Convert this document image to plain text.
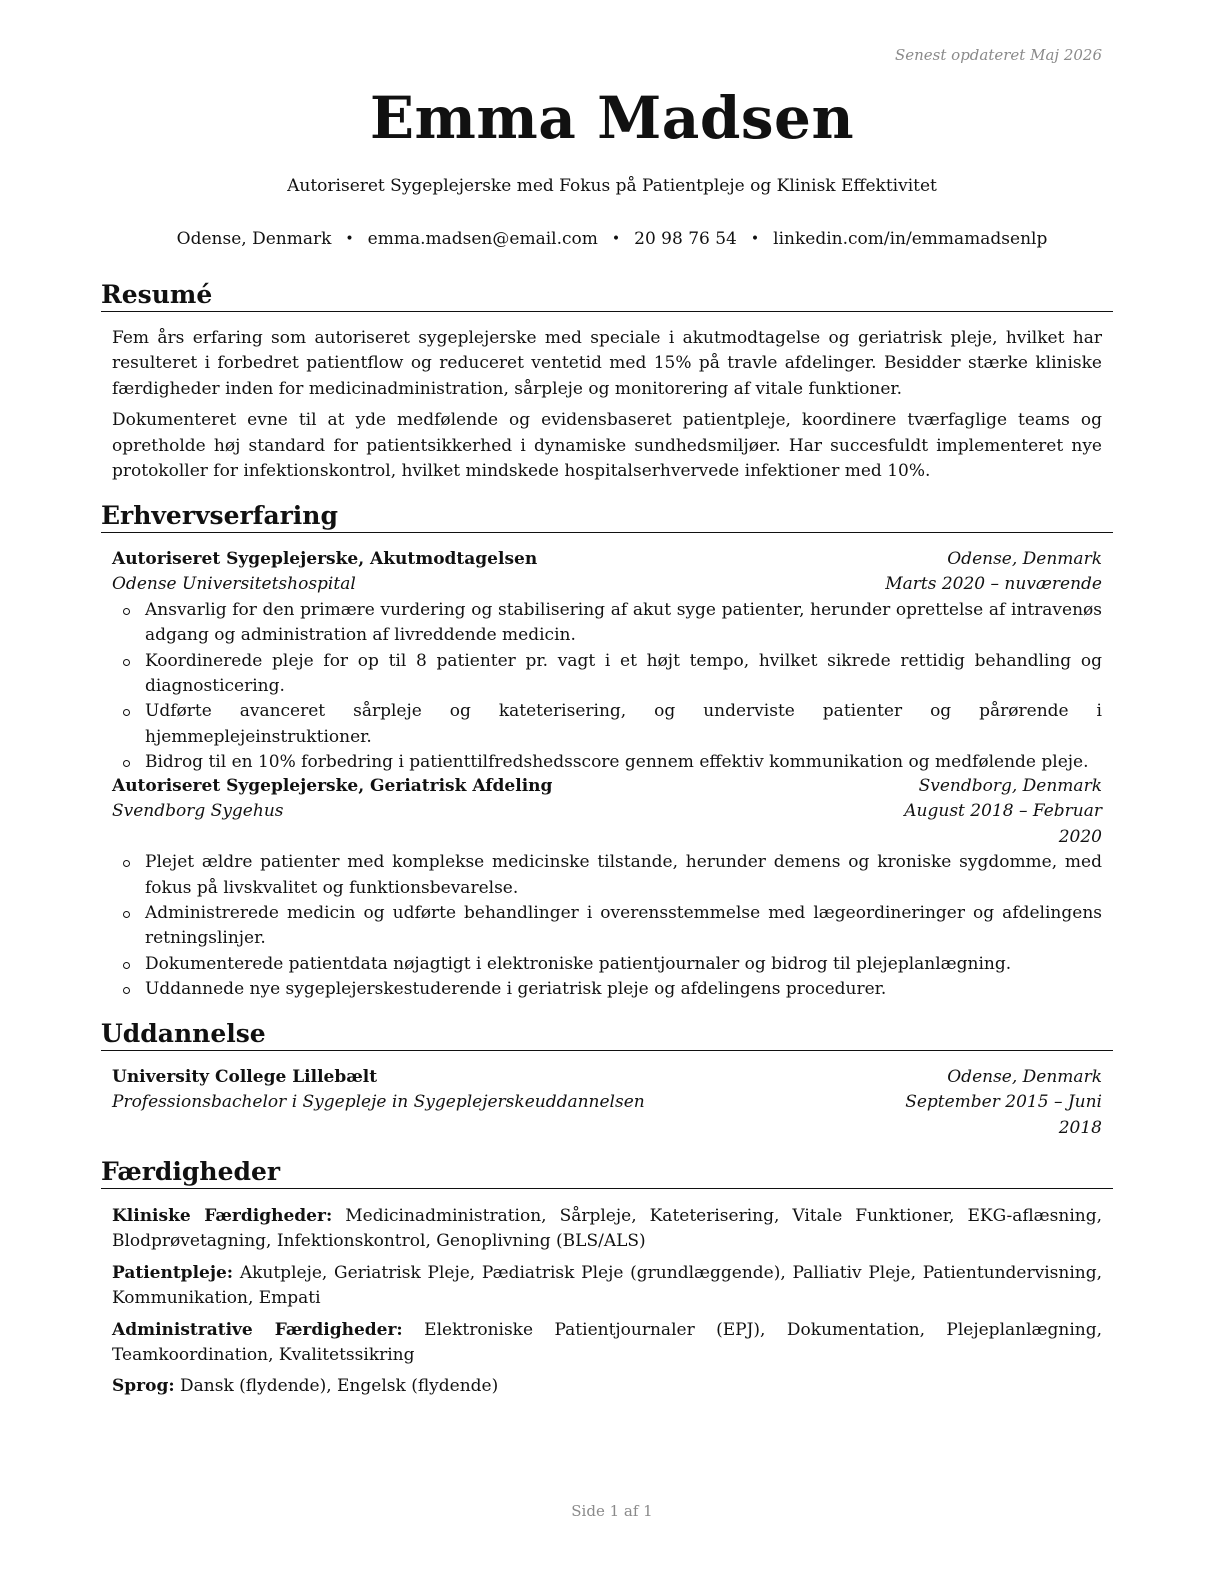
Senest opdateret Maj 2026
Emma Madsen
Autoriseret Sygeplejerske med Fokus på Patientpleje og Klinisk Effektivitet
Odense, Denmark • emma.madsen@email.com • 20 98 76 54 • linkedin.com/in/emmamadsenlp
Resumé

Fem års erfaring som autoriseret sygeplejerske med speciale i akutmodtagelse og geriatrisk pleje, hvilket har resulteret i forbedret patientflow og reduceret ventetid med 15% på travle afdelinger. Besidder stærke kliniske færdigheder inden for medicinadministration, sårpleje og monitorering af vitale funktioner.

Dokumenteret evne til at yde medfølende og evidensbaseret patientpleje, koordinere tværfaglige teams og opretholde høj standard for patientsikkerhed i dynamiske sundhedsmiljøer. Har succesfuldt implementeret nye protokoller for infektionskontrol, hvilket mindskede hospitalserhvervede infektioner med 10%.

Erhvervserfaring
Autoriseret Sygeplejerske, Akutmodtagelsen	Odense, Denmark
Odense Universitetshospital	Marts 2020 – nuværende
Ansvarlig for den primære vurdering og stabilisering af akut syge patienter, herunder oprettelse af intravenøs adgang og administration af livreddende medicin.
Koordinerede pleje for op til 8 patienter pr. vagt i et højt tempo, hvilket sikrede rettidig behandling og diagnosticering.
Udførte avanceret sårpleje og kateterisering, og underviste patienter og pårørende i hjemmeplejeinstruktioner.
Bidrog til en 10% forbedring i patienttilfredshedsscore gennem effektiv kommunikation og medfølende pleje.
Autoriseret Sygeplejerske, Geriatrisk Afdeling	Svendborg, Denmark
Svendborg Sygehus	August 2018 – Februar
2020
Plejet ældre patienter med komplekse medicinske tilstande, herunder demens og kroniske sygdomme, med fokus på livskvalitet og funktionsbevarelse.
Administrerede medicin og udførte behandlinger i overensstemmelse med lægeordineringer og afdelingens retningslinjer.
Dokumenterede patientdata nøjagtigt i elektroniske patientjournaler og bidrog til plejeplanlægning.
Uddannede nye sygeplejerskestuderende i geriatrisk pleje og afdelingens procedurer.
Uddannelse
University College Lillebælt	Odense, Denmark
Professionsbachelor i Sygepleje in Sygeplejerskeuddannelsen	September 2015 – Juni
2018
Færdigheder

Kliniske Færdigheder: Medicinadministration, Sårpleje, Kateterisering, Vitale Funktioner, EKG-aflæsning, Blodprøvetagning, Infektionskontrol, Genoplivning (BLS/ALS)

Patientpleje: Akutpleje, Geriatrisk Pleje, Pædiatrisk Pleje (grundlæggende), Palliativ Pleje, Patientundervisning, Kommunikation, Empati

Administrative Færdigheder: Elektroniske Patientjournaler (EPJ), Dokumentation, Plejeplanlægning, Teamkoordination, Kvalitetssikring

Sprog: Dansk (flydende), Engelsk (flydende)

Side 1 af 1
